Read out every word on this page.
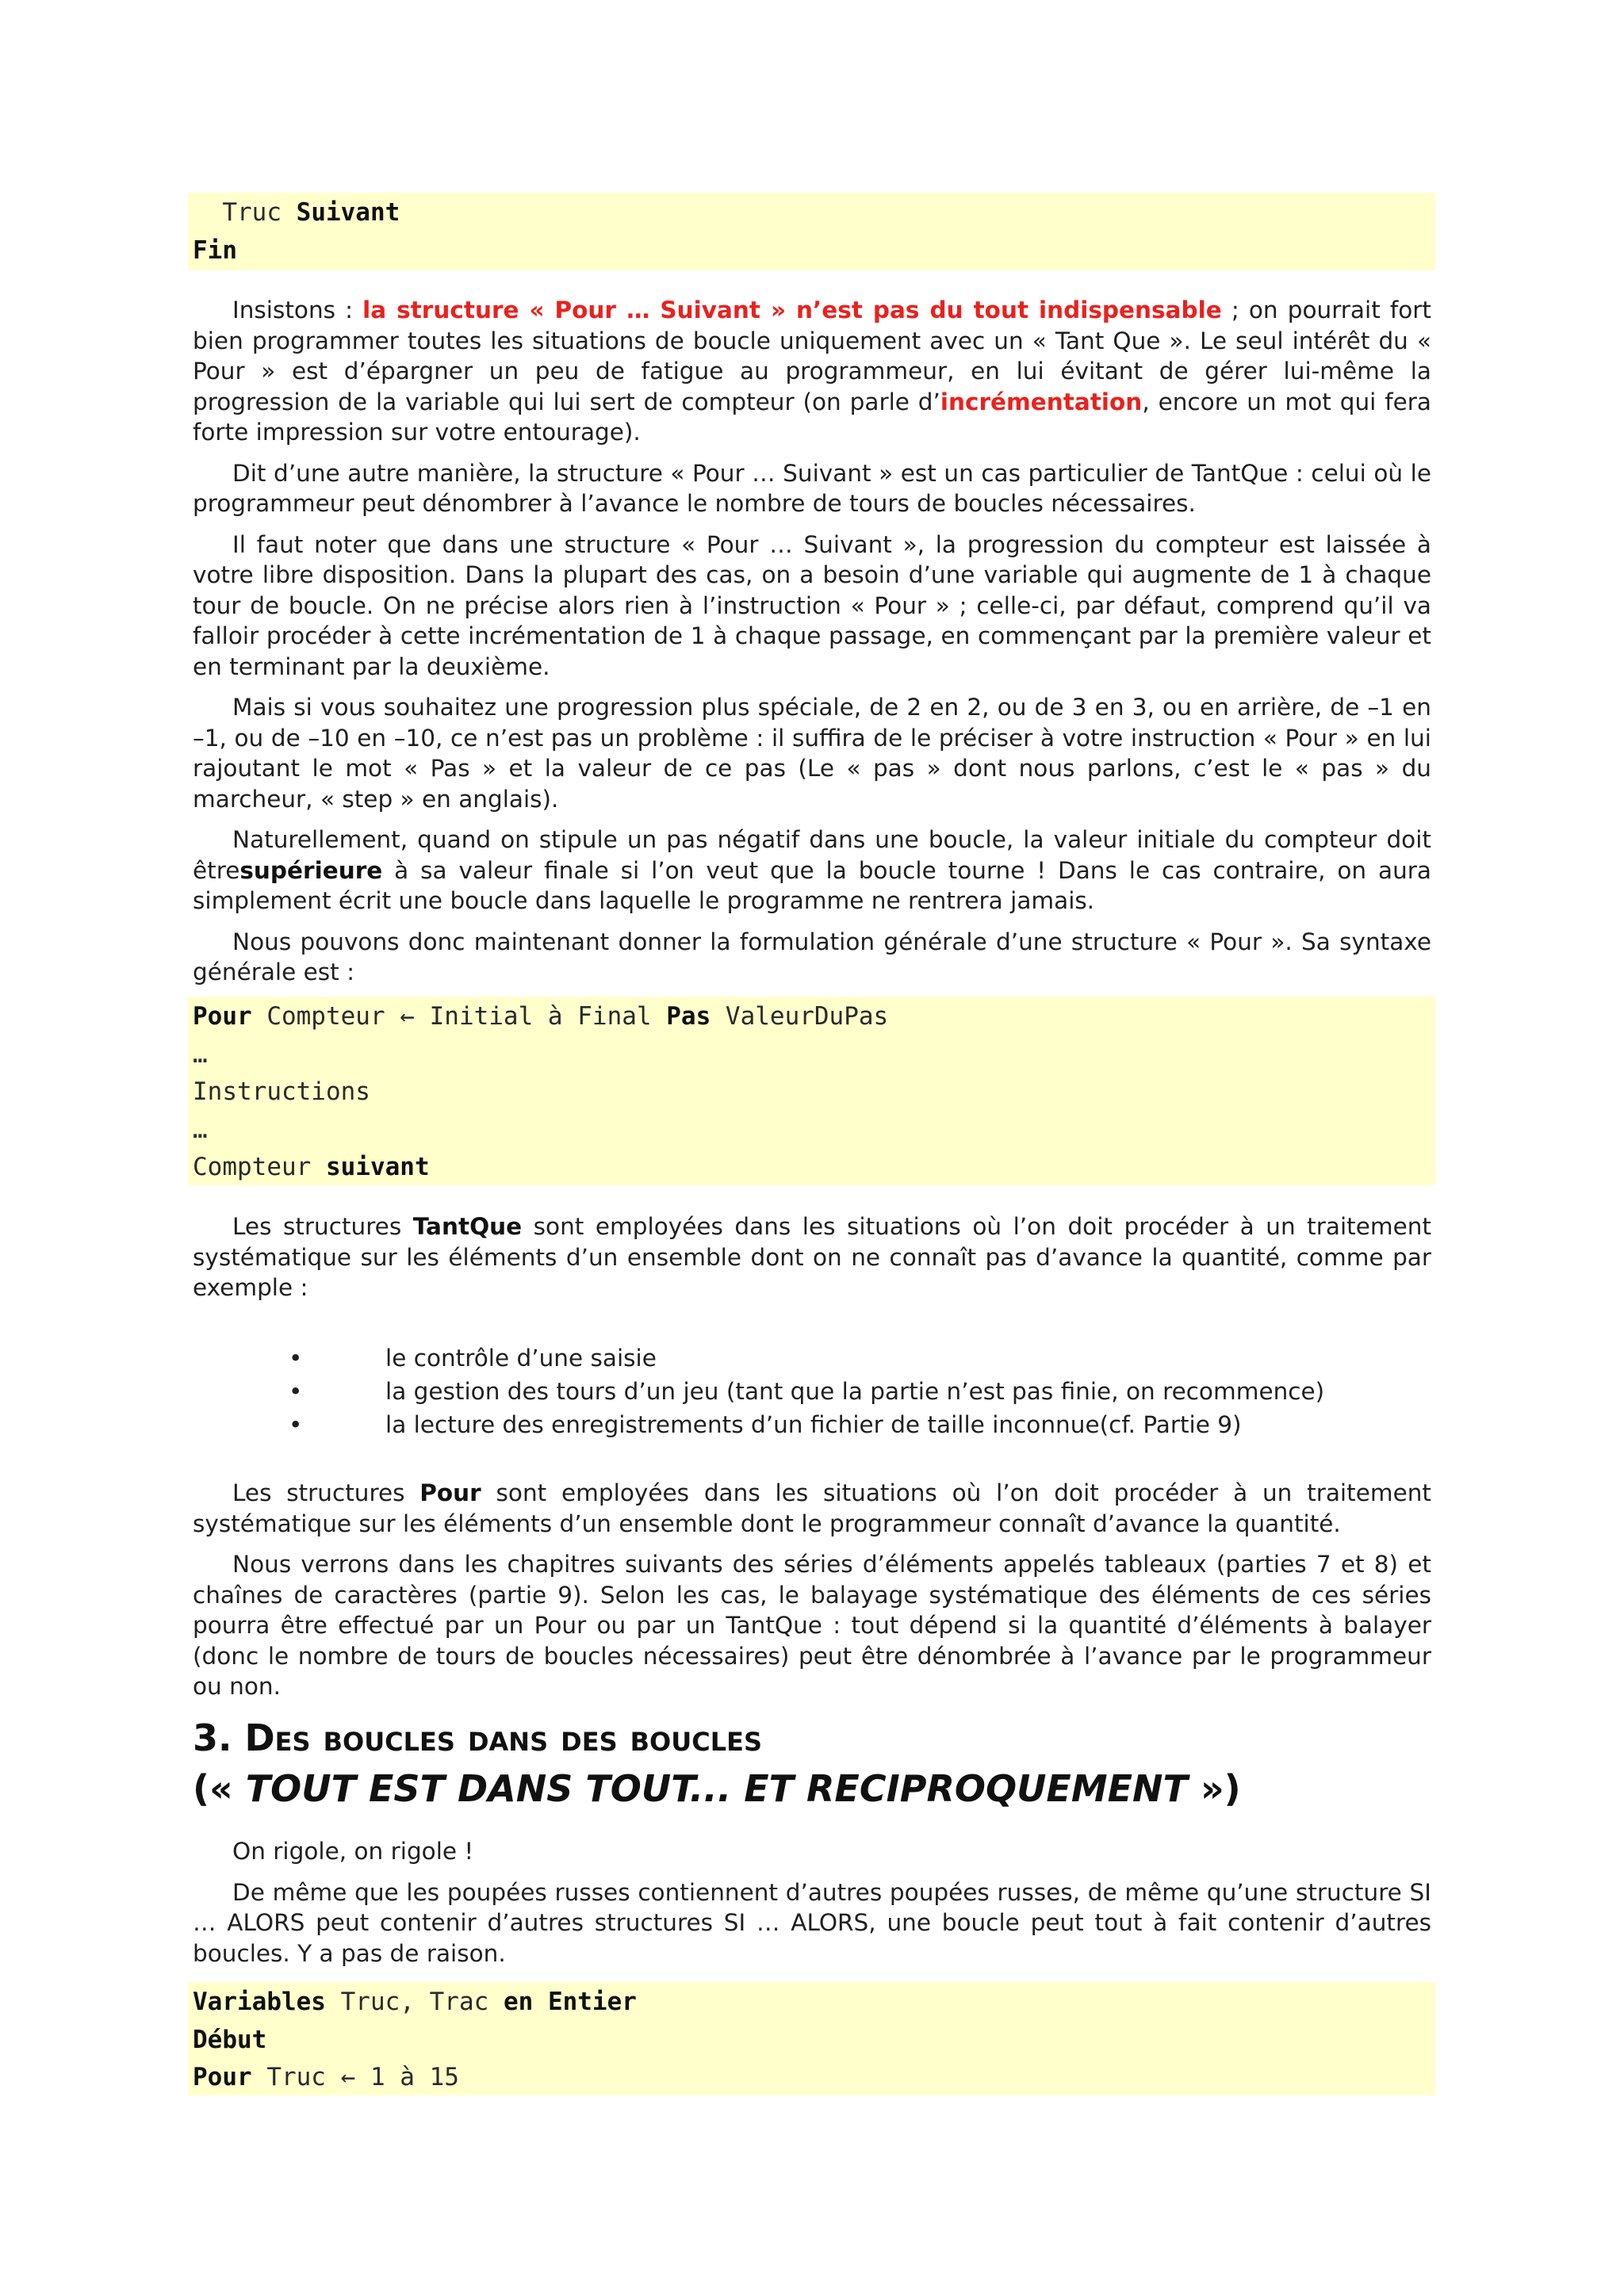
Truc Suivant
Fin

Insistons : la structure « Pour … Suivant » n’est pas du tout indispensable ; on pourrait fort bien programmer toutes les situations de boucle uniquement avec un « Tant Que ». Le seul intérêt du « Pour » est d’épargner un peu de fatigue au programmeur, en lui évitant de gérer lui-même la progression de la variable qui lui sert de compteur (on parle d’incrémentation, encore un mot qui fera forte impression sur votre entourage).

Dit d’une autre manière, la structure « Pour … Suivant » est un cas particulier de TantQue : celui où le programmeur peut dénombrer à l’avance le nombre de tours de boucles nécessaires.

Il faut noter que dans une structure « Pour … Suivant », la progression du compteur est laissée à votre libre disposition. Dans la plupart des cas, on a besoin d’une variable qui augmente de 1 à chaque tour de boucle. On ne précise alors rien à l’instruction « Pour » ; celle-ci, par défaut, comprend qu’il va falloir procéder à cette incrémentation de 1 à chaque passage, en commençant par la première valeur et en terminant par la deuxième.

Mais si vous souhaitez une progression plus spéciale, de 2 en 2, ou de 3 en 3, ou en arrière, de –1 en –1, ou de –10 en –10, ce n’est pas un problème : il suffira de le préciser à votre instruction « Pour » en lui rajoutant le mot « Pas » et la valeur de ce pas (Le « pas » dont nous parlons, c’est le « pas » du marcheur, « step » en anglais).

Naturellement, quand on stipule un pas négatif dans une boucle, la valeur initiale du compteur doit êtresupérieure à sa valeur finale si l’on veut que la boucle tourne ! Dans le cas contraire, on aura simplement écrit une boucle dans laquelle le programme ne rentrera jamais.

Nous pouvons donc maintenant donner la formulation générale d’une structure « Pour ». Sa syntaxe générale est :

Pour Compteur ← Initial à Final Pas ValeurDuPas
…
Instructions
…
Compteur suivant

Les structures TantQue sont employées dans les situations où l’on doit procéder à un traitement systématique sur les éléments d’un ensemble dont on ne connaît pas d’avance la quantité, comme par exemple :

•	le contrôle d’une saisie
•	la gestion des tours d’un jeu (tant que la partie n’est pas finie, on recommence)
•	la lecture des enregistrements d’un fichier de taille inconnue(cf. Partie 9)

Les structures Pour sont employées dans les situations où l’on doit procéder à un traitement systématique sur les éléments d’un ensemble dont le programmeur connaît d’avance la quantité.

Nous verrons dans les chapitres suivants des séries d’éléments appelés tableaux (parties 7 et 8) et chaînes de caractères (partie 9). Selon les cas, le balayage systématique des éléments de ces séries pourra être effectué par un Pour ou par un TantQue : tout dépend si la quantité d’éléments à balayer (donc le nombre de tours de boucles nécessaires) peut être dénombrée à l’avance par le programmeur ou non.

3. Des boucles dans des boucles
(« TOUT EST DANS TOUT... ET RECIPROQUEMENT »)

On rigole, on rigole !

De même que les poupées russes contiennent d’autres poupées russes, de même qu’une structure SI … ALORS peut contenir d’autres structures SI … ALORS, une boucle peut tout à fait contenir d’autres boucles. Y a pas de raison.

Variables Truc, Trac en Entier
Début
Pour Truc ← 1 à 15
